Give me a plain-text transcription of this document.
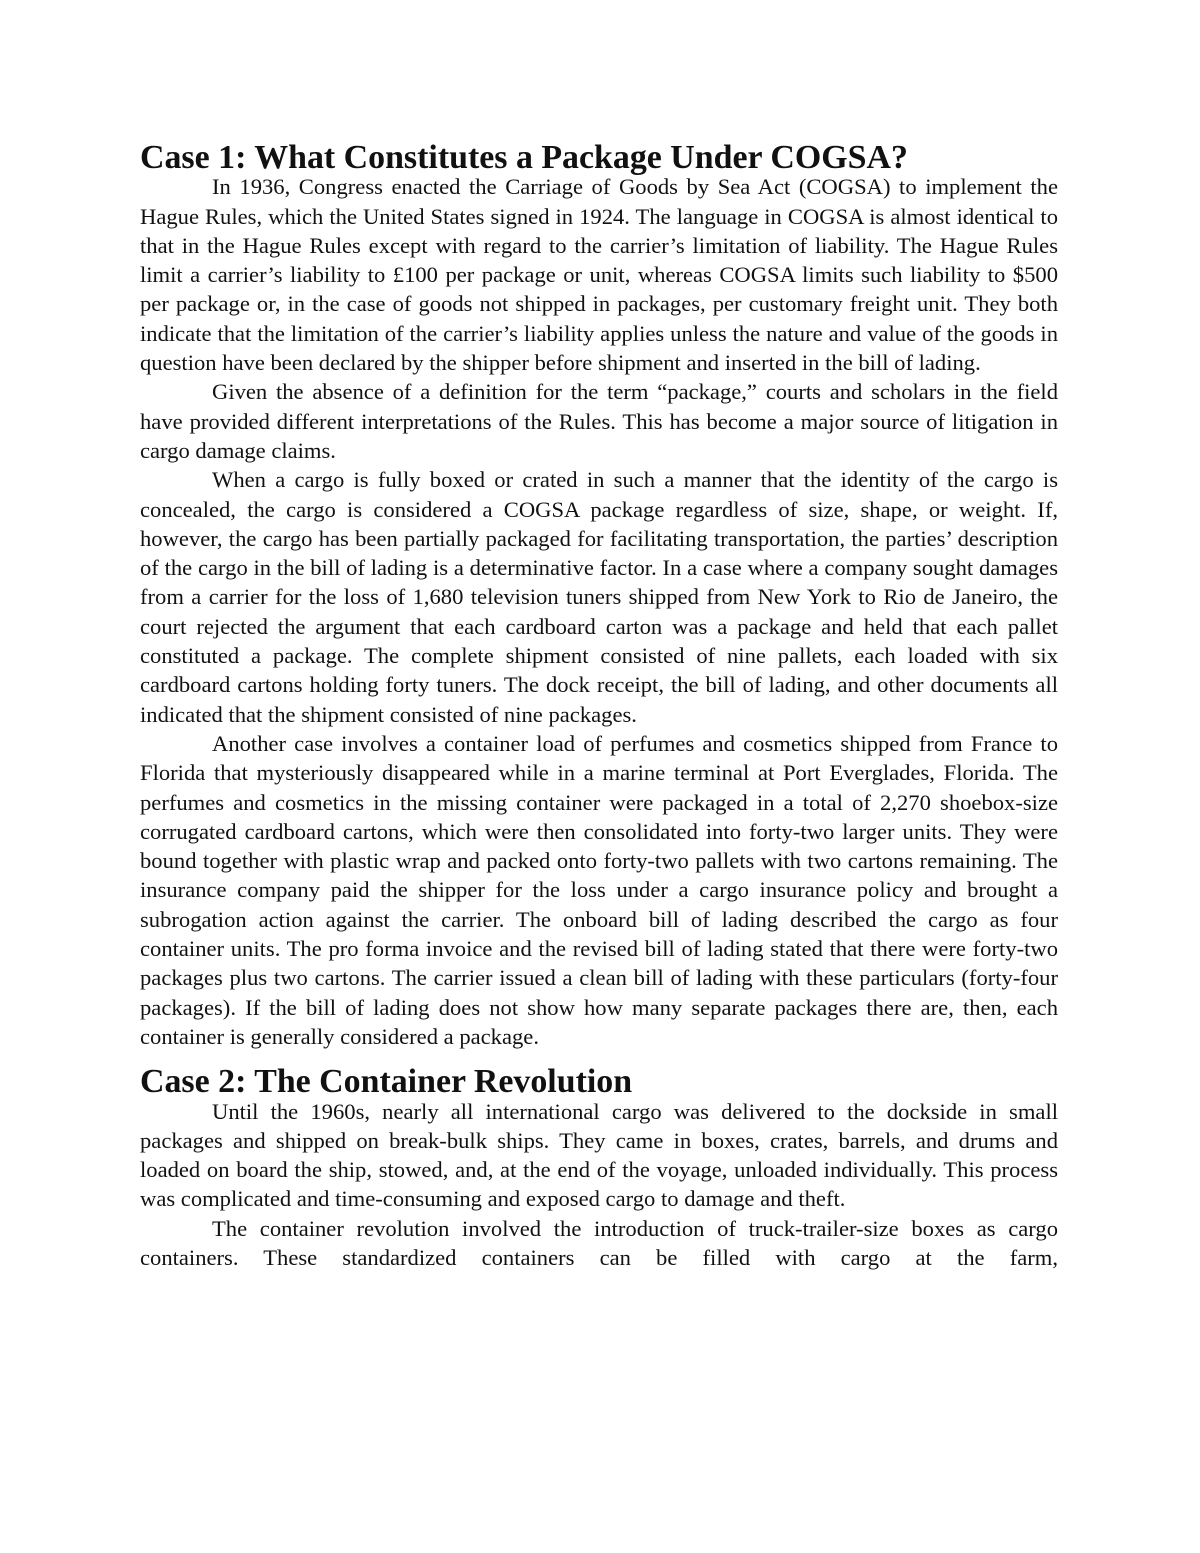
Case 1: What Constitutes a Package Under COGSA?

In 1936, Congress enacted the Carriage of Goods by Sea Act (COGSA) to implement the Hague Rules, which the United States signed in 1924. The language in COGSA is almost identical to that in the Hague Rules except with regard to the carrier’s limitation of liability. The Hague Rules limit a carrier’s liability to £100 per package or unit, whereas COGSA limits such liability to $500 per package or, in the case of goods not shipped in packages, per customary freight unit. They both indicate that the limitation of the carrier’s liability applies unless the nature and value of the goods in question have been declared by the shipper before shipment and inserted in the bill of lading.

Given the absence of a definition for the term “package,” courts and scholars in the field have provided different interpretations of the Rules. This has become a major source of litigation in cargo damage claims.

When a cargo is fully boxed or crated in such a manner that the identity of the cargo is concealed, the cargo is considered a COGSA package regardless of size, shape, or weight. If, however, the cargo has been partially packaged for facilitating transportation, the parties’ description of the cargo in the bill of lading is a determinative factor. In a case where a company sought damages from a carrier for the loss of 1,680 television tuners shipped from New York to Rio de Janeiro, the court rejected the argument that each cardboard carton was a package and held that each pallet constituted a package. The complete shipment consisted of nine pallets, each loaded with six cardboard cartons holding forty tuners. The dock receipt, the bill of lading, and other documents all indicated that the shipment consisted of nine packages.

Another case involves a container load of perfumes and cosmetics shipped from France to Florida that mysteriously disappeared while in a marine terminal at Port Everglades, Florida. The perfumes and cosmetics in the missing container were packaged in a total of 2,270 shoebox-size corrugated cardboard cartons, which were then consolidated into forty-two larger units. They were bound together with plastic wrap and packed onto forty-two pallets with two cartons remaining. The insurance company paid the shipper for the loss under a cargo insurance policy and brought a subrogation action against the carrier. The onboard bill of lading described the cargo as four container units. The pro forma invoice and the revised bill of lading stated that there were forty-two packages plus two cartons. The carrier issued a clean bill of lading with these particulars (forty-four packages). If the bill of lading does not show how many separate packages there are, then, each container is generally considered a package.

Case 2: The Container Revolution

Until the 1960s, nearly all international cargo was delivered to the dockside in small packages and shipped on break-bulk ships. They came in boxes, crates, barrels, and drums and loaded on board the ship, stowed, and, at the end of the voyage, unloaded individually. This process was complicated and time-consuming and exposed cargo to damage and theft.

The container revolution involved the introduction of truck-trailer-size boxes as cargo containers. These standardized containers can be filled with cargo at the farm,
